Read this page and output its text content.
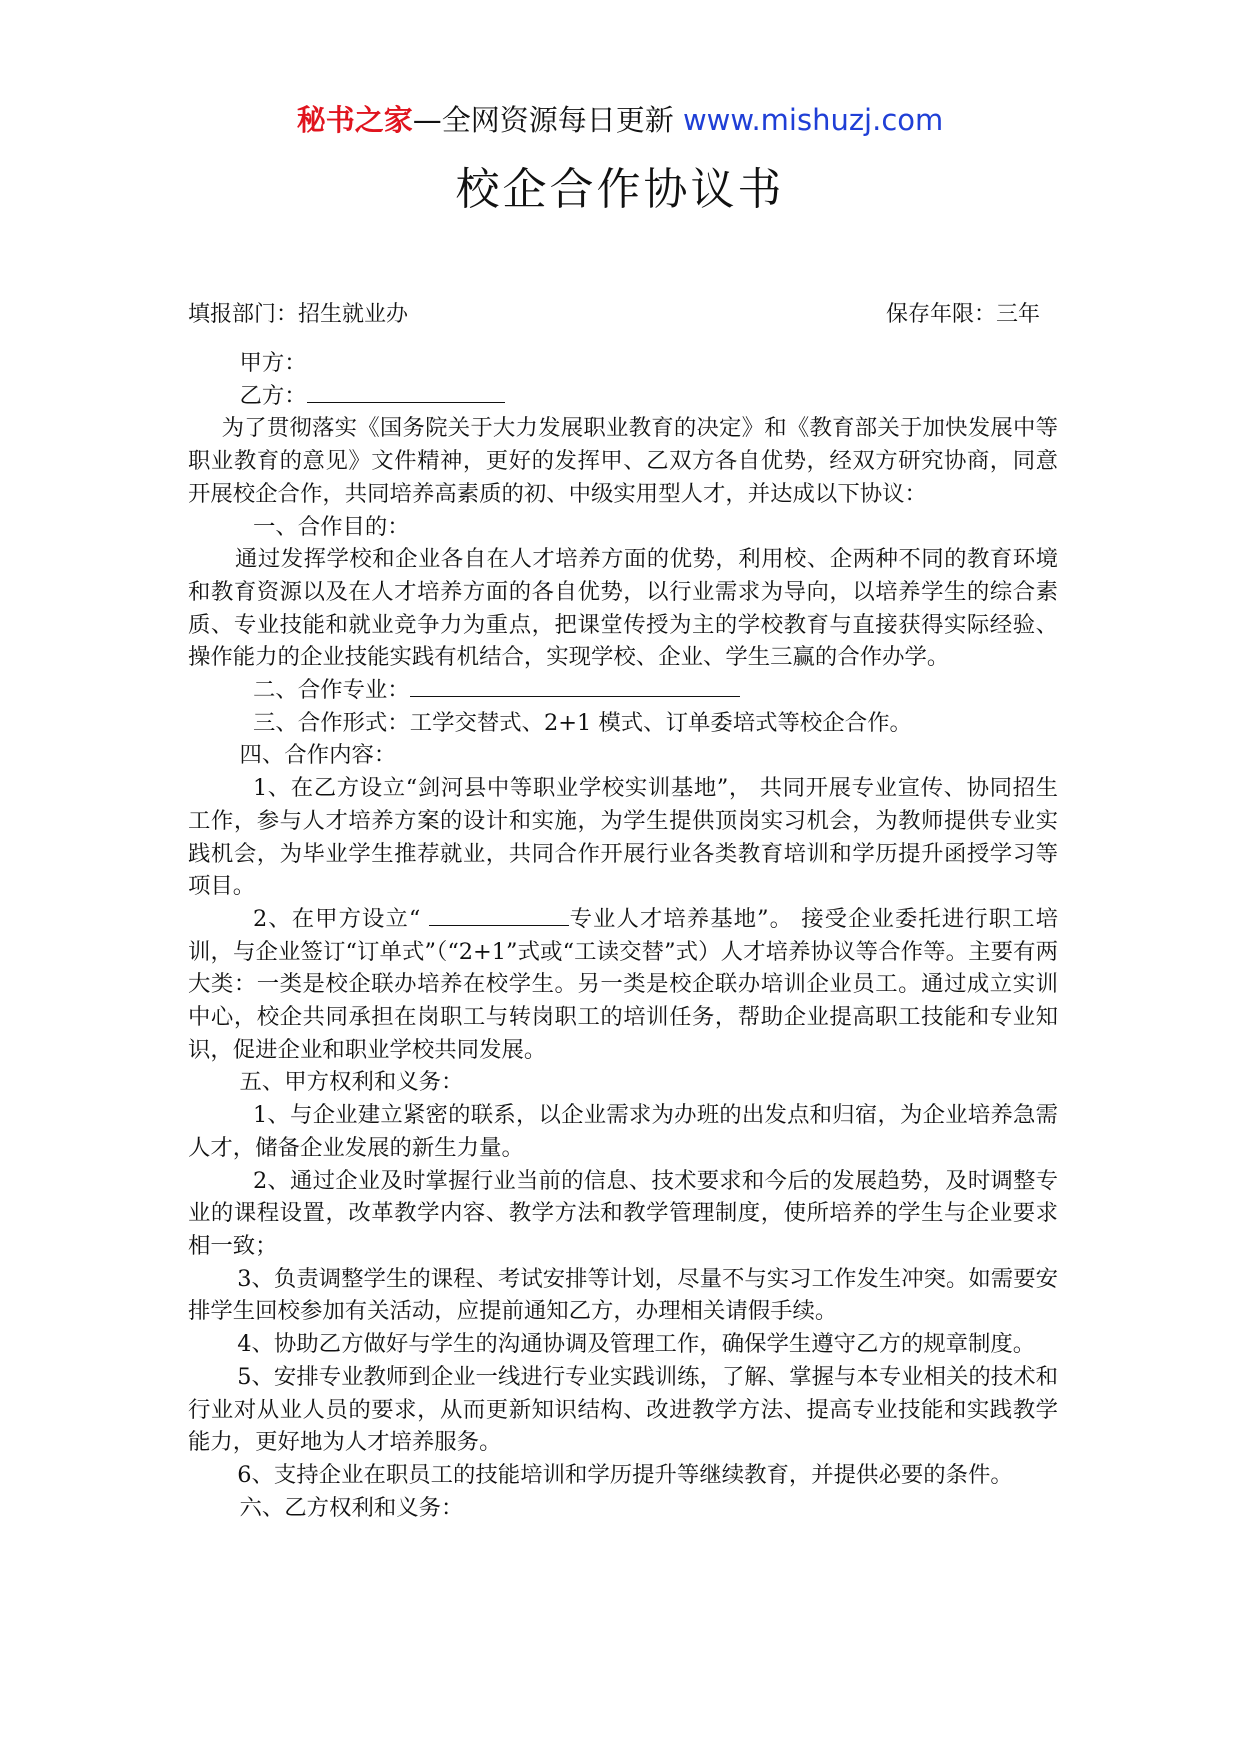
秘书之家—全网资源每日更新 www.mishuzj.com
校企合作协议书
填报部门：招生就业办	保存年限：三年

甲方：

乙方：

为了贯彻落实《国务院关于大力发展职业教育的决定》和《教育部关于加快发展中等职业教育的意见》文件精神，更好的发挥甲、乙双方各自优势，经双方研究协商，同意开展校企合作，共同培养高素质的初、中级实用型人才，并达成以下协议：

一、合作目的：

通过发挥学校和企业各自在人才培养方面的优势，利用校、企两种不同的教育环境和教育资源以及在人才培养方面的各自优势，以行业需求为导向，以培养学生的综合素质、专业技能和就业竞争力为重点，把课堂传授为主的学校教育与直接获得实际经验、操作能力的企业技能实践有机结合，实现学校、企业、学生三赢的合作办学。

二、合作专业：

三、合作形式：工学交替式、2+1 模式、订单委培式等校企合作。

四、合作内容：

1、在乙方设立“剑河县中等职业学校实训基地”， 共同开展专业宣传、协同招生工作，参与人才培养方案的设计和实施，为学生提供顶岗实习机会，为教师提供专业实践机会，为毕业学生推荐就业，共同合作开展行业各类教育培训和学历提升函授学习等项目。

2、在甲方设立“	专业人才培养基地”。 接受企业委托进行职工培训，与企业签订“订单式”（“2+1”式或“工读交替”式）人才培养协议等合作等。主要有两大类：一类是校企联办培养在校学生。另一类是校企联办培训企业员工。通过成立实训中心，校企共同承担在岗职工与转岗职工的培训任务，帮助企业提高职工技能和专业知识，促进企业和职业学校共同发展。

五、甲方权利和义务：

1、与企业建立紧密的联系，以企业需求为办班的出发点和归宿，为企业培养急需人才，储备企业发展的新生力量。

2、通过企业及时掌握行业当前的信息、技术要求和今后的发展趋势，及时调整专业的课程设置，改革教学内容、教学方法和教学管理制度，使所培养的学生与企业要求相一致；

3、负责调整学生的课程、考试安排等计划，尽量不与实习工作发生冲突。如需要安排学生回校参加有关活动，应提前通知乙方，办理相关请假手续。

4、协助乙方做好与学生的沟通协调及管理工作，确保学生遵守乙方的规章制度。

5、安排专业教师到企业一线进行专业实践训练，了解、掌握与本专业相关的技术和行业对从业人员的要求，从而更新知识结构、改进教学方法、提高专业技能和实践教学能力，更好地为人才培养服务。

6、支持企业在职员工的技能培训和学历提升等继续教育，并提供必要的条件。

六、乙方权利和义务：
